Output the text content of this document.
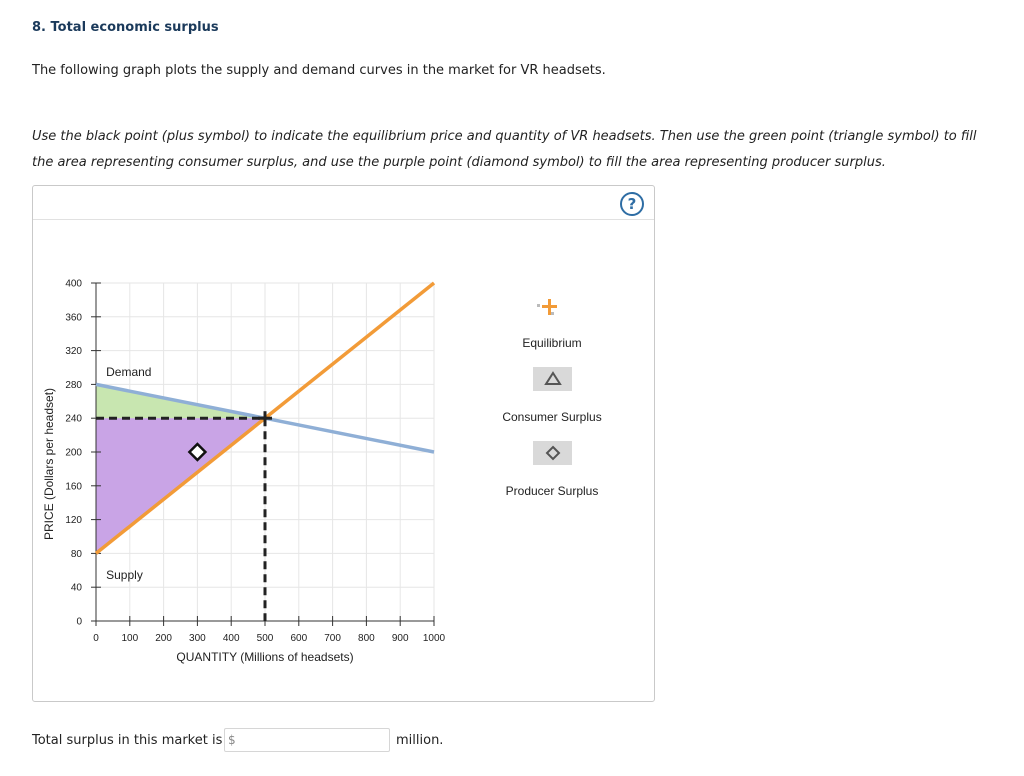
8. Total economic surplus
The following graph plots the supply and demand curves in the market for VR headsets.
Use the black point (plus symbol) to indicate the equilibrium price and quantity of VR headsets. Then use the green point (triangle symbol) to fill the area representing consumer surplus, and use the purple point (diamond symbol) to fill the area representing producer surplus.
?
0
40
80
120
160
200
240
280
320
360
400
0 100 200 300 400 500 600 700 800 900 1000
Demand
Supply
QUANTITY (Millions of headsets)
PRICE (Dollars per headset)
Equilibrium
Consumer Surplus
Producer Surplus
Total surplus in this market is $	million.
